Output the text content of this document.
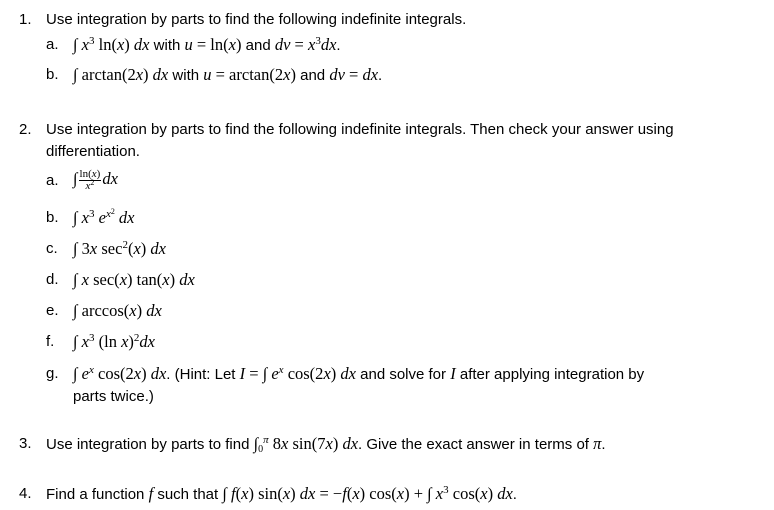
1. Use integration by parts to find the following indefinite integrals.
a. ∫ $x^3$ ln(x) dx with u = ln(x) and dv = $x^3dx$.
b. ∫ arctan(2x) dx with u = arctan(2x) and dv = dx.
2. Use integration by parts to find the following indefinite integrals. Then check your answer using
differentiation.
a. ∫ $\frac{\ln(x)}{x^2}$ dx
b. ∫ $x^3$ $e^{x^2}$ dx
c. ∫ 3x $\sec^2(x)$ dx
d. ∫ x sec(x) tan(x) dx
e. ∫ arccos(x) dx
f. ∫ $x^3$ (ln x)$^2$dx
g. ∫ $e^x$ cos(2x) dx. (Hint: Let I = ∫ $e^x$ cos(2x) dx and solve for I after applying integration by
parts twice.)
3. Use integration by parts to find $\int_0^\pi$ 8x sin(7x) dx. Give the exact answer in terms of π.
4. Find a function f such that ∫ f(x) sin(x) dx = −f(x) cos(x) + ∫ $x^3$ cos(x) dx.
